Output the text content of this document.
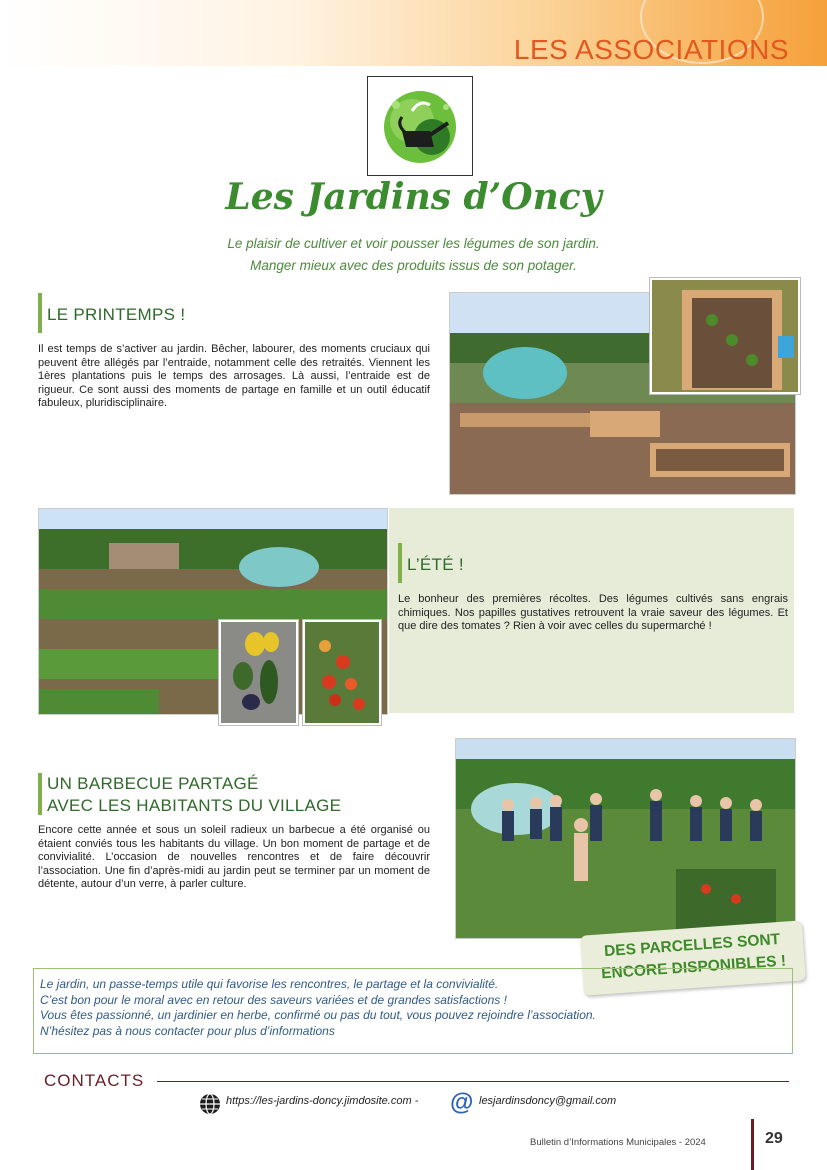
LES ASSOCIATIONS
Les Jardins d’Oncy
Le plaisir de cultiver et voir pousser les légumes de son jardin.
Manger mieux avec des produits issus de son potager.
LE PRINTEMPS !
Il est temps de s’activer au jardin. Bêcher, labourer, des moments cruciaux qui peuvent être allégés par l’entraide, notamment celle des retraités. Viennent les 1ères plantations puis le temps des arrosages. Là aussi, l’entraide est de rigueur. Ce sont aussi des moments de partage en famille et un outil éducatif fabuleux, pluridisciplinaire.
L’ÉTÉ !
Le bonheur des premières récoltes. Des légumes cultivés sans engrais chimiques. Nos papilles gustatives retrouvent la vraie saveur des légumes. Et que dire des tomates ? Rien à voir avec celles du supermarché !
UN BARBECUE PARTAGÉ
AVEC LES HABITANTS DU VILLAGE
Encore cette année et sous un soleil radieux un barbecue a été organisé ou étaient conviés tous les habitants du village. Un bon moment de partage et de convivialité. L’occasion de nouvelles rencontres et de faire découvrir l’association. Une fin d’après-midi au jardin peut se terminer par un moment de détente, autour d’un verre, à parler culture.
DES PARCELLES SONT
ENCORE DISPONIBLES !
Le jardin, un passe-temps utile qui favorise les rencontres, le partage et la convivialité.
C’est bon pour le moral avec en retour des saveurs variées et de grandes satisfactions !
Vous êtes passionné, un jardinier en herbe, confirmé ou pas du tout, vous pouvez rejoindre l’association.
N’hésitez pas à nous contacter pour plus d’informations
CONTACTS
https://les-jardins-doncy.jimdosite.com - @ lesjardinsdoncy@gmail.com
Bulletin d’Informations Municipales - 2024	29
